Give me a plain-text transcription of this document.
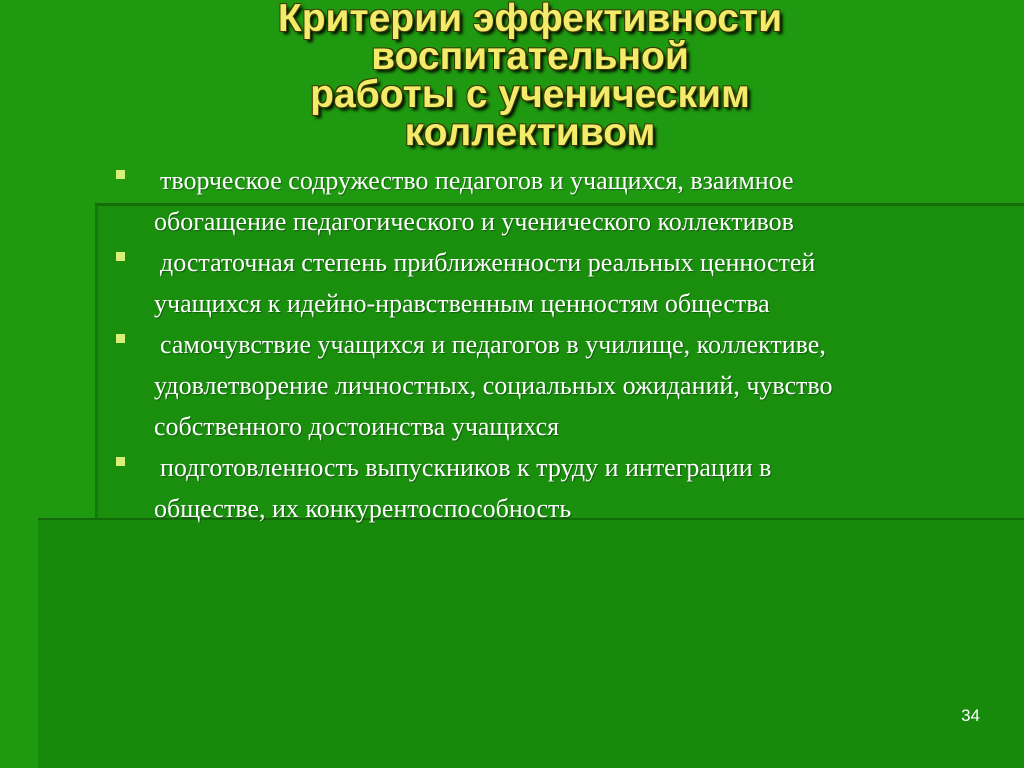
Критерии эффективности
воспитательной
работы с ученическим
коллективом
творческое содружество педагогов и учащихся, взаимное обогащение педагогического и ученического коллективов
достаточная степень приближенности реальных ценностей учащихся к идейно-нравственным ценностям общества
самочувствие учащихся и педагогов в училище, коллективе, удовлетворение личностных, социальных ожиданий, чувство собственного достоинства учащихся
подготовленность выпускников к труду и интеграции в обществе, их конкурентоспособность
34
